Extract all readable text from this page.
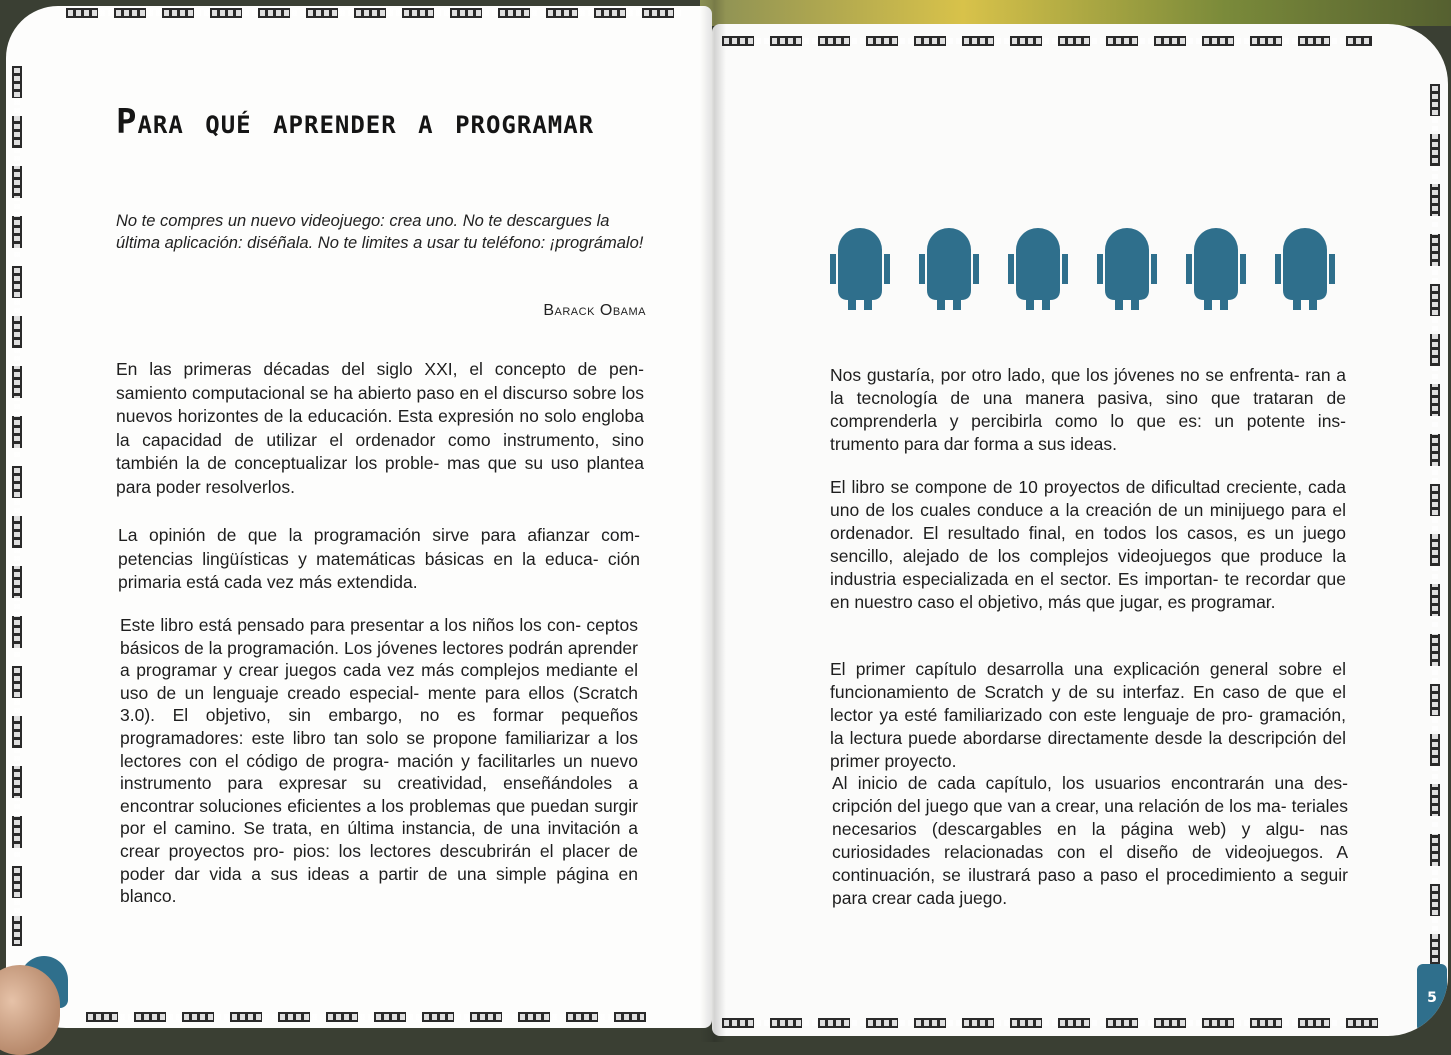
Para qué aprender a programar

No te compres un nuevo videojuego: crea uno. No te descargues la última aplicación: diséñala. No te limites a usar tu teléfono: ¡prográmalo!

Barack Obama

En las primeras décadas del siglo XXI, el concepto de pen- samiento computacional se ha abierto paso en el discurso sobre los nuevos horizontes de la educación. Esta expresión no solo engloba la capacidad de utilizar el ordenador como instrumento, sino también la de conceptualizar los proble- mas que su uso plantea para poder resolverlos.

La opinión de que la programación sirve para afianzar com- petencias lingüísticas y matemáticas básicas en la educa- ción primaria está cada vez más extendida.

Este libro está pensado para presentar a los niños los con- ceptos básicos de la programación. Los jóvenes lectores podrán aprender a programar y crear juegos cada vez más complejos mediante el uso de un lenguaje creado especial- mente para ellos (Scratch 3.0). El objetivo, sin embargo, no es formar pequeños programadores: este libro tan solo se propone familiarizar a los lectores con el código de progra- mación y facilitarles un nuevo instrumento para expresar su creatividad, enseñándoles a encontrar soluciones eficientes a los problemas que puedan surgir por el camino. Se trata, en última instancia, de una invitación a crear proyectos pro- pios: los lectores descubrirán el placer de poder dar vida a sus ideas a partir de una simple página en blanco.

Nos gustaría, por otro lado, que los jóvenes no se enfrenta- ran a la tecnología de una manera pasiva, sino que trataran de comprenderla y percibirla como lo que es: un potente ins- trumento para dar forma a sus ideas.

El libro se compone de 10 proyectos de dificultad creciente, cada uno de los cuales conduce a la creación de un minijuego para el ordenador. El resultado final, en todos los casos, es un juego sencillo, alejado de los complejos videojuegos que produce la industria especializada en el sector. Es importan- te recordar que en nuestro caso el objetivo, más que jugar, es programar.

El primer capítulo desarrolla una explicación general sobre el funcionamiento de Scratch y de su interfaz. En caso de que el lector ya esté familiarizado con este lenguaje de pro- gramación, la lectura puede abordarse directamente desde la descripción del primer proyecto.

Al inicio de cada capítulo, los usuarios encontrarán una des- cripción del juego que van a crear, una relación de los ma- teriales necesarios (descargables en la página web) y algu- nas curiosidades relacionadas con el diseño de videojuegos. A continuación, se ilustrará paso a paso el procedimiento a seguir para crear cada juego.

5
